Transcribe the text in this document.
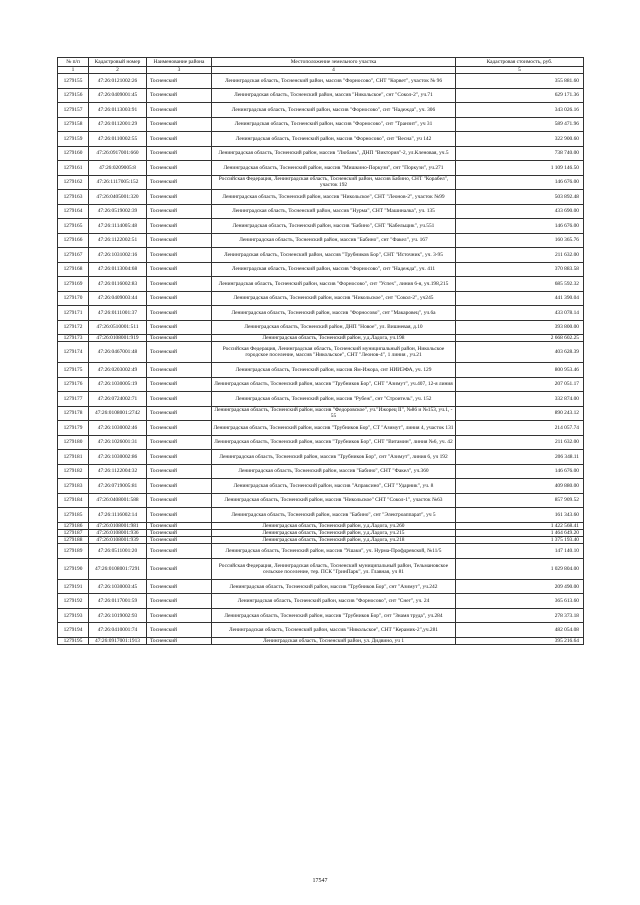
№ п/п	Кадастровый номер	Наименование района	Местоположение земельного участка	Кадастровая стоимость, руб.
1	2	3	4	5
1279155	47:26:0121002:26	Тосненский	Ленинградская область, Тосненский район, массив "Форносово", СНТ "Корвет", участок № 96	355 881.60
1279156	47:26:0409001:45	Тосненский	Ленинградская область, Тосненский район, массив "Никольское", снт "Сокол-2", уч.71	629 171.36
1279157	47:26:0113003:91	Тосненский	Ленинградская область, Тосненский район, массив "Форносово", снт "Надежда", уч. 306	343 026.16
1279158	47:26:0112001:29	Тосненский	Ленинградская область, Тосненский район, массив "Форносово", снт "Транзит", уч 31	589 471.96
1279159	47:26:0110002:55	Тосненский	Ленинградская область, Тосненский район, массив "Форносово", снт "Весна", уч 142	322 900.60
1279160	47:26:0917001:660	Тосненский	Ленинградская область, Тосненский район, массив "Любань", ДНП "Виктория"-2, ул.Кленовая, уч.5	738 740.00
1279161	47:26:0209005:8	Тосненский	Ленинградская область, Тосненский район, массив "Мишкино-Поркузи", снт "Поркузи", уч.271	1 109 146.50
1279162	47:26:1117005:152	Тосненский	Российская Федерация, Ленинградская область, Тосненский район, массив Бабино, СНТ "Корабел", участок 192	146 676.00
1279163	47:26:0405001:320	Тосненский	Ленинградская область, Тосненский район, массив "Никольское", СНТ "Леонов-2", участок №99	503 892.48
1279164	47:26:0519002:39	Тосненский	Ленинградская область, Тосненский район, массив "Нурма", СНТ "Машиналка", уч. 135	433 690.00
1279165	47:26:1114005:48	Тосненский	Ленинградская область, Тосненский район, массив "Бабино", СНТ "Кабельщик", уч.551	146 676.00
1279166	47:26:1122002:51	Тосненский	Ленинградская область, Тосненский район, массив "Бабино", снт "Факел", уч. 167	160 365.76
1279167	47:26:1031002:16	Тосненский	Ленинградская область, Тосненский район, массив "Трубников Бор", СНТ "Источник", уч. 3-95	211 632.00
1279168	47:26:0113004:68	Тосненский	Ленинградская область, Тосненский район, массив "Форносово", снт "Надежда", уч. 411	370 883.58
1279169	47:26:0116002:83	Тосненский	Ленинградская область, Тосненский район, массив "Форносово", снт "Успех", линия 6-я, уч.198,215	685 592.32
1279170	47:26:0409003:44	Тосненский	Ленинградская область, Тосненский район, массив "Никольское", снт "Сокол-2", уч245	441 390.04
1279171	47:26:0111001:37	Тосненский	Ленинградская область, Тосненский район, массив "Форносово", снт "Макаровец", уч.6а	433 078.14
1279172	47:26:0510001:511	Тосненский	Ленинградская область, Тосненский район, ДНП "Новое", ул. Вишневая, д.10	393 800.00
1279173	47:26:0108001:919	Тосненский	Ленинградская область, Тосненский район, у.д.Ладога, уч.198	2 668 602.25
1279174	47:26:0467001:48	Тосненский	Российская Федерация, Ленинградская область, Тосненский муниципальный район, Никольское городское поселение, массив "Никольское", СНТ "Леонов-4", 1 линия , уч.21	403 628.39
1279175	47:26:0203002:49	Тосненский	Ленинградская область, Тосненский район, массив Ям-Ижора, снт НИИЭФА, уч. 129	800 953.46
1279176	47:26:1030005:19	Тосненский	Ленинградская область, Тосненский район, массив "Трубников Бор", СНТ "Азимут", уч.407, 12-я линия	207 051.17
1279177	47:26:0724002:71	Тосненский	Ленинградская область, Тосненский район, массив "Рубеж", снт "Строитель", уч. 152	332 874.00
1279178	47:26:0108001:2742	Тосненский	Ленинградская область, Тосненский район, массив "Федоровское", уч."Ижорец II", №86 и №153, уч.1, - 55	890 243.12
1279179	47:26:1030002:46	Тосненский	Ленинградская область, Тосненский район, массив "Трубников Бор", СТ "Азимут", линия 4, участок 131	214 057.74
1279180	47:26:1026001:31	Тосненский	Ленинградская область, Тосненский район, массив "Трубников Бор", СНТ "Витамин", линия №6, уч. 42	211 632.00
1279181	47:26:1030002:86	Тосненский	Ленинградская область, Тосненский район, массив "Трубников Бор", снт "Азимут", линия 6, уч 192	206 348.11
1279182	47:26:1122004:32	Тосненский	Ленинградская область, Тосненский район, массив "Бабино", СНТ "Факел", уч.360	146 676.00
1279183	47:26:0719005:81	Тосненский	Ленинградская область, Тосненский район, массив "Апраксино", СНТ "Ударник", уч. 8	409 880.00
1279184	47:26:0408001:588	Тосненский	Ленинградская область, Тосненский район, массив "Никольское" СНТ "Сокол-1", участок №63	857 909.52
1279185	47:26:1116002:14	Тосненский	Ленинградская область, Тосненский район, массив "Бабино", снт "Электроаппарат", уч 5	161 343.60
1279186	47:26:0108001:981	Тосненский	Ленинградская область, Тосненский район, у.д.Ладога, уч.260	1 422 568.41
1279187	47:26:0108001:936	Тосненский	Ленинградская область, Тосненский район, у.д.Ладога, уч.215	1 464 649.20
1279188	47:26:0108001:939	Тосненский	Ленинградская область, Тосненский район, у.д.Ладога, уч.218	1 375 193.40
1279189	47:26:0511001:20	Тосненский	Ленинградская область, Тосненский район, массив "Ушаки", уч. Нурма-Профдревской, №11/5	147 140.10
1279190	47:26:0108001:7291	Тосненский	Российская Федерация, Ленинградская область, Тосненский муниципальный район, Тельмановское сельское поселение, тер. ПСК "ГринПарк", ул. Главная, уч 81	1 029 804.00
1279191	47:26:1030003:45	Тосненский	Ленинградская область, Тосненский район, массив "Трубников Бор", снт "Азимут", уч.242	209 490.00
1279192	47:26:0117001:59	Тосненский	Ленинградская область, Тосненский район, массив "Форносово", снт "Снег", уч. 24	365 613.60
1279193	47:26:1019002:93	Тосненский	Ленинградская область, Тосненский район, массив "Трубников Бор", снт "Знамя труда", уч.284	278 373.18
1279194	47:26:0410001:74	Тосненский	Ленинградская область, Тосненский район, массив "Никольское", СНТ "Керамик-2",уч.281	482 054.08
1279195	47:26:0917001:1913	Тосненский	Ленинградская область, Тосненский район, ул. Дидвино, уч 1	395 216.64
17547
